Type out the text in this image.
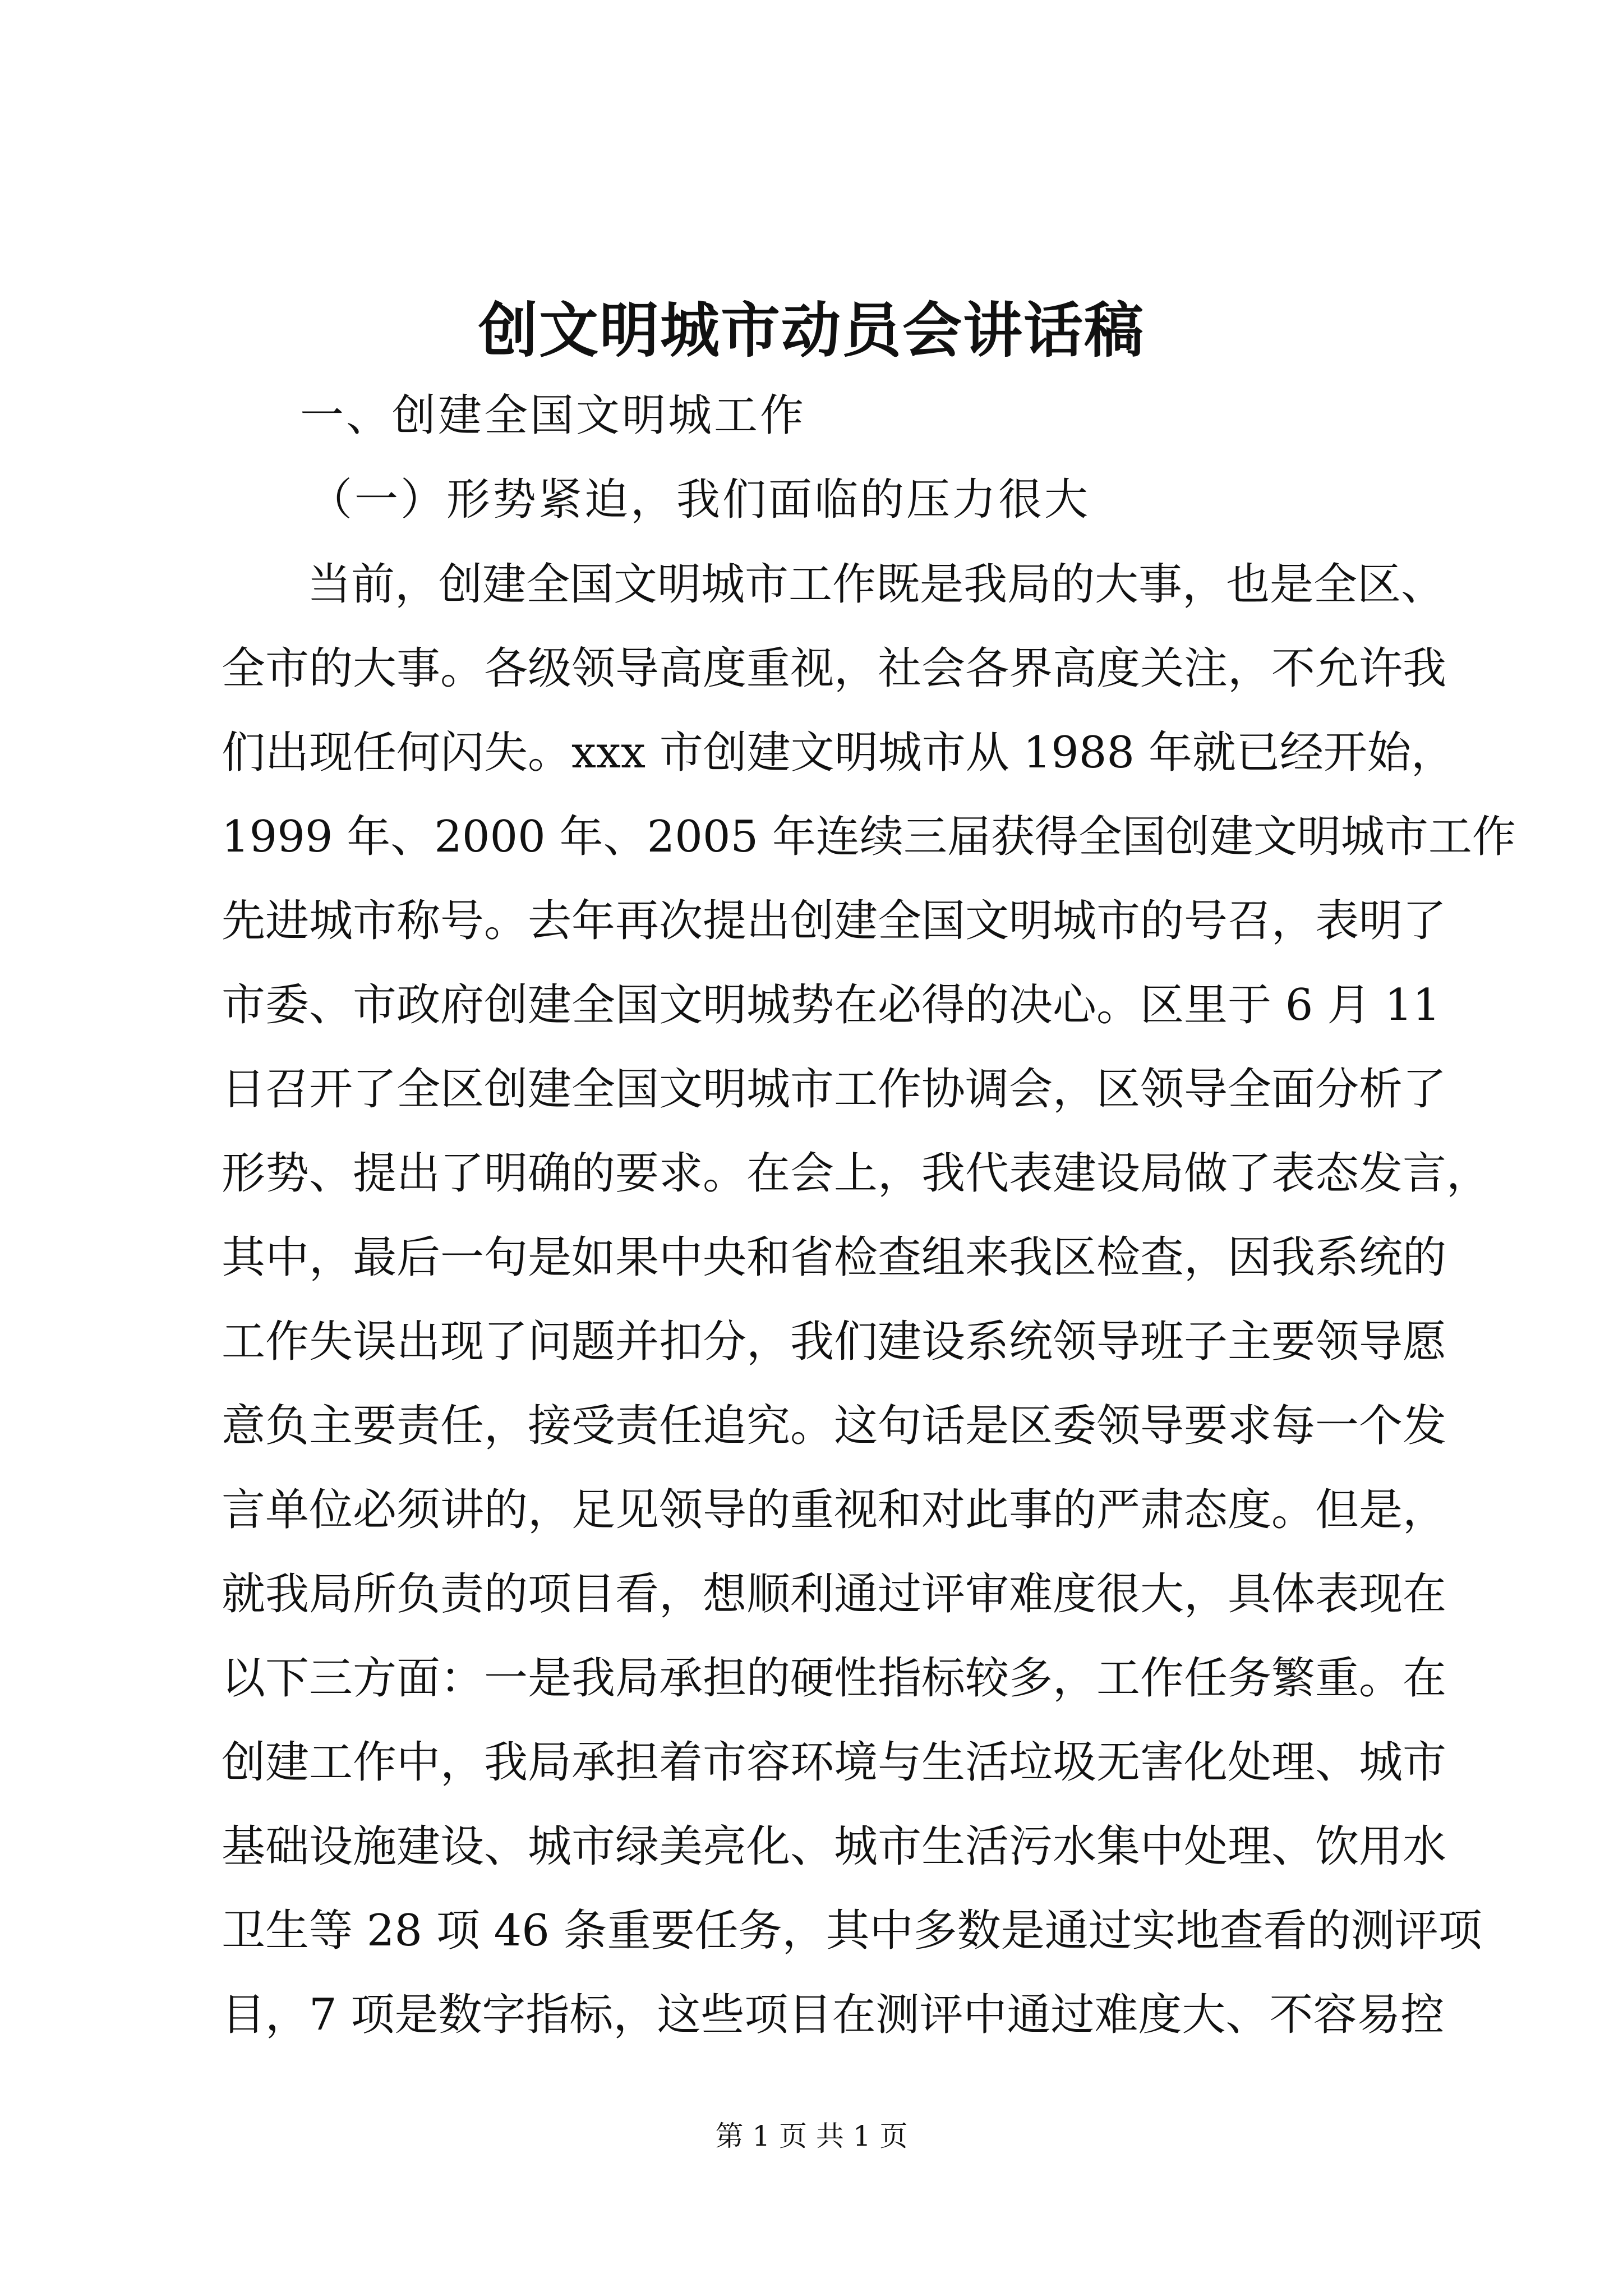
创文明城市动员会讲话稿
一、创建全国文明城工作
（一）形势紧迫，我们面临的压力很大
当前，创建全国文明城市工作既是我局的大事，也是全区、
全市的大事。各级领导高度重视，社会各界高度关注，不允许我
们出现任何闪失。xxx 市创建文明城市从 1988 年就已经开始，
1999 年、2000 年、2005 年连续三届获得全国创建文明城市工作
先进城市称号。去年再次提出创建全国文明城市的号召，表明了
市委、市政府创建全国文明城势在必得的决心。区里于 6 月 11
日召开了全区创建全国文明城市工作协调会，区领导全面分析了
形势、提出了明确的要求。在会上，我代表建设局做了表态发言，
其中，最后一句是如果中央和省检查组来我区检查，因我系统的
工作失误出现了问题并扣分，我们建设系统领导班子主要领导愿
意负主要责任，接受责任追究。这句话是区委领导要求每一个发
言单位必须讲的，足见领导的重视和对此事的严肃态度。但是，
就我局所负责的项目看，想顺利通过评审难度很大，具体表现在
以下三方面：一是我局承担的硬性指标较多，工作任务繁重。在
创建工作中，我局承担着市容环境与生活垃圾无害化处理、城市
基础设施建设、城市绿美亮化、城市生活污水集中处理、饮用水
卫生等 28 项 46 条重要任务，其中多数是通过实地查看的测评项
目，7 项是数字指标，这些项目在测评中通过难度大、不容易控
第 1 页 共 1 页
